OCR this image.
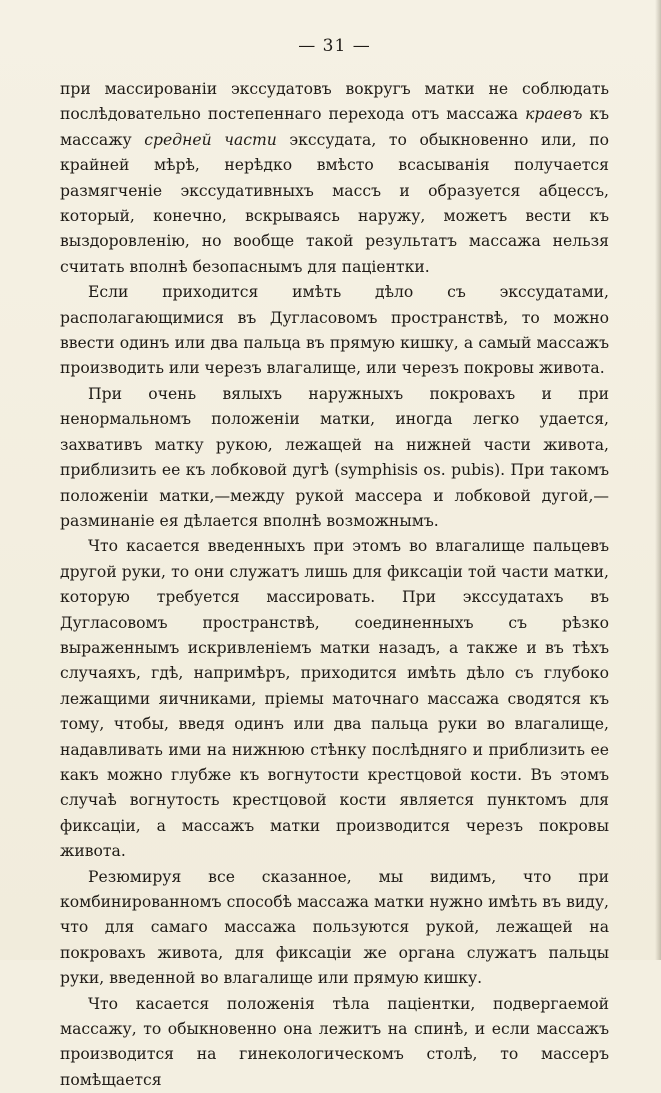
— 31 —

при массированіи экссудатовъ вокругъ матки не соблюдать послѣдовательно постепеннаго перехода отъ массажа краевъ къ массажу средней части экссудата, то обыкновенно или, по крайней мѣрѣ, нерѣдко вмѣсто всасыванія получается размягченіе экссудативныхъ массъ и образуется абцессъ, который, конечно, вскрываясь наружу, можетъ вести къ выздоровленію, но вообще такой результатъ массажа нельзя считать вполнѣ безопаснымъ для паціентки.

Если приходится имѣть дѣло съ экссудатами, располагающимися въ Дугласовомъ пространствѣ, то можно ввести одинъ или два пальца въ прямую кишку, а самый массажъ производить или черезъ влагалище, или черезъ покровы живота.

При очень вялыхъ наружныхъ покровахъ и при ненормальномъ положеніи матки, иногда легко удается, захвативъ матку рукою, лежащей на нижней части живота, приблизить ее къ лобковой дугѣ (symphisis os. pubis). При такомъ положеніи матки,—между рукой массера и лобковой дугой,—разминаніе ея дѣлается вполнѣ возможнымъ.

Что касается введенныхъ при этомъ во влагалище пальцевъ другой руки, то они служатъ лишь для фиксаціи той части матки, которую требуется массировать. При экссудатахъ въ Дугласовомъ пространствѣ, соединенныхъ съ рѣзко выраженнымъ искривленіемъ матки назадъ, а также и въ тѣхъ случаяхъ, гдѣ, напримѣръ, приходится имѣть дѣло съ глубоко лежащими яичниками, пріемы маточнаго массажа сводятся къ тому, чтобы, введя одинъ или два пальца руки во влагалище, надавливать ими на нижнюю стѣнку послѣдняго и приблизить ее какъ можно глубже къ вогнутости крестцовой кости. Въ этомъ случаѣ вогнутость крестцовой кости является пунктомъ для фиксаціи, а массажъ матки производится черезъ покровы живота.

Резюмируя все сказанное, мы видимъ, что при комбинированномъ способѣ массажа матки нужно имѣть въ виду, что для самаго массажа пользуются рукой, лежащей на покровахъ живота, для фиксаціи же органа служатъ пальцы руки, введенной во влагалище или прямую кишку.

Что касается положенія тѣла паціентки, подвергаемой массажу, то обыкновенно она лежитъ на спинѣ, и если массажъ производится на гинекологическомъ столѣ, то массеръ помѣщается
